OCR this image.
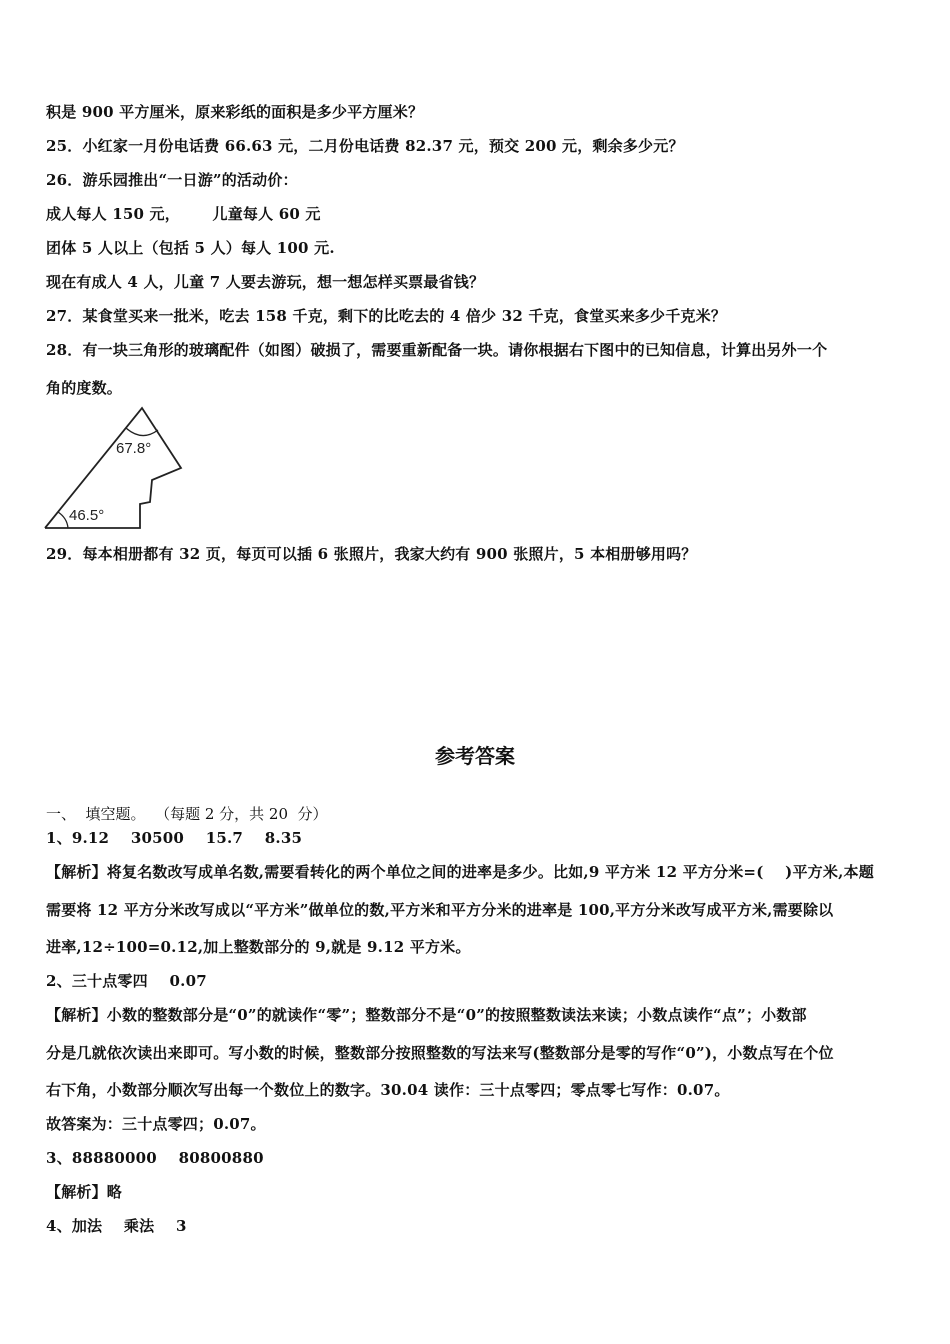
积是 900 平方厘米，原来彩纸的面积是多少平方厘米？
25．小红家一月份电话费 66.63 元，二月份电话费 82.37 元，预交 200 元，剩余多少元？
26．游乐园推出“一日游”的活动价：
成人每人 150 元，      儿童每人 60 元
团体 5 人以上（包括 5 人）每人 100 元.
现在有成人 4 人，儿童 7 人要去游玩，想一想怎样买票最省钱？
27．某食堂买来一批米，吃去 158 千克，剩下的比吃去的 4 倍少 32 千克，食堂买来多少千克米？
28．有一块三角形的玻璃配件（如图）破损了，需要重新配备一块。请你根据右下图中的已知信息，计算出另外一个
角的度数。
67.8°
46.5°
29．每本相册都有 32 页，每页可以插 6 张照片，我家大约有 900 张照片，5 本相册够用吗？
参考答案
一、  填空题。  （每题 2 分，共 20  分）
1、9.12    30500    15.7    8.35
【解析】将复名数改写成单名数,需要看转化的两个单位之间的进率是多少。比如,9 平方米 12 平方分米=(    )平方米,本题
需要将 12 平方分米改写成以“平方米”做单位的数,平方米和平方分米的进率是 100,平方分米改写成平方米,需要除以
进率,12÷100=0.12,加上整数部分的 9,就是 9.12 平方米。
2、三十点零四    0.07
【解析】小数的整数部分是“0”的就读作“零”；整数部分不是“0”的按照整数读法来读；小数点读作“点”；小数部
分是几就依次读出来即可。写小数的时候，整数部分按照整数的写法来写(整数部分是零的写作“0”)，小数点写在个位
右下角，小数部分顺次写出每一个数位上的数字。30.04 读作：三十点零四；零点零七写作：0.07。
故答案为：三十点零四；0.07。
3、88880000    80800880
【解析】略
4、加法    乘法    3
